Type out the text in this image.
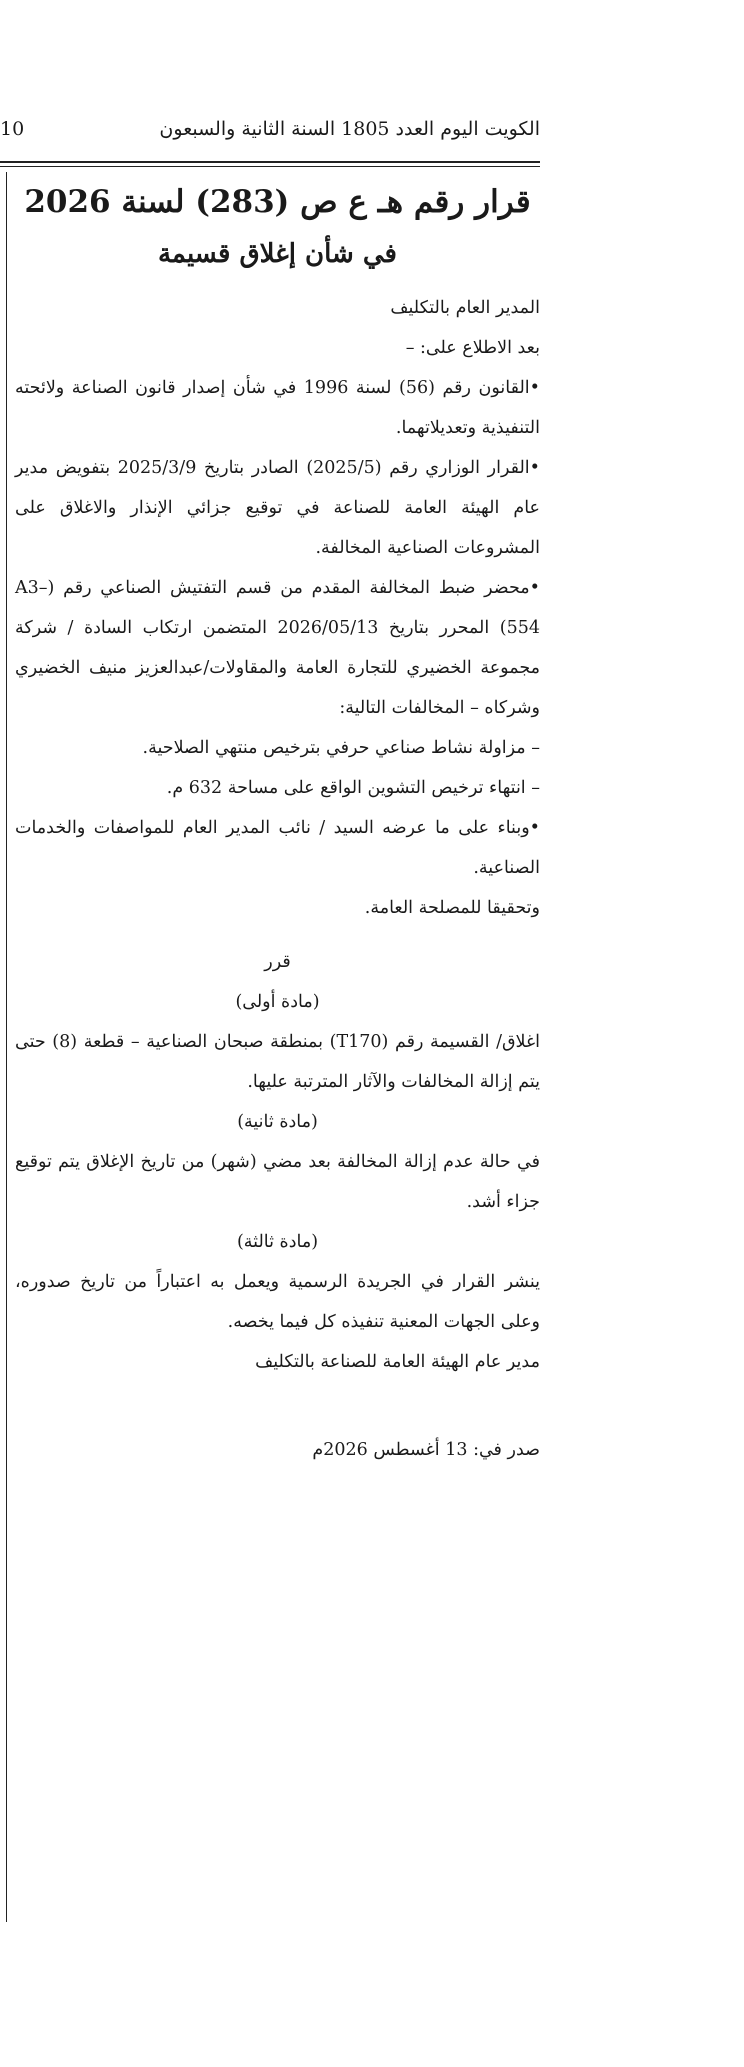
10	الكويت اليوم العدد 1805 السنة الثانية والسبعون
قرار رقم هـ ع ص (283) لسنة 2026
في شأن إغلاق قسيمة

المدير العام بالتكليف

بعد الاطلاع على: –

• القانون رقم (56) لسنة 1996 في شأن إصدار قانون الصناعة ولائحته التنفيذية وتعديلاتهما.

• القرار الوزاري رقم (2025/5) الصادر بتاريخ 2025/3/9 بتفويض مدير عام الهيئة العامة للصناعة في توقيع جزائي الإنذار والاغلاق على المشروعات الصناعية المخالفة.

• محضر ضبط المخالفة المقدم من قسم التفتيش الصناعي رقم (A3–554) المحرر بتاريخ 2026/05/13 المتضمن ارتكاب السادة / شركة مجموعة الخضيري للتجارة العامة والمقاولات/عبدالعزيز منيف الخضيري وشركاه – المخالفات التالية:

– مزاولة نشاط صناعي حرفي بترخيص منتهي الصلاحية.

– انتهاء ترخيص التشوين الواقع على مساحة 632 م.

• وبناء على ما عرضه السيد / نائب المدير العام للمواصفات والخدمات الصناعية.

وتحقيقا للمصلحة العامة.

قرر

(مادة أولى)

اغلاق/ القسيمة رقم (T170) بمنطقة صبحان الصناعية – قطعة (8) حتى يتم إزالة المخالفات والآثار المترتبة عليها.

(مادة ثانية)

في حالة عدم إزالة المخالفة بعد مضي (شهر) من تاريخ الإغلاق يتم توقيع جزاء أشد.

(مادة ثالثة)

ينشر القرار في الجريدة الرسمية ويعمل به اعتباراً من تاريخ صدوره، وعلى الجهات المعنية تنفيذه كل فيما يخصه.

مدير عام الهيئة العامة للصناعة بالتكليف

صدر في: 13 أغسطس 2026م
